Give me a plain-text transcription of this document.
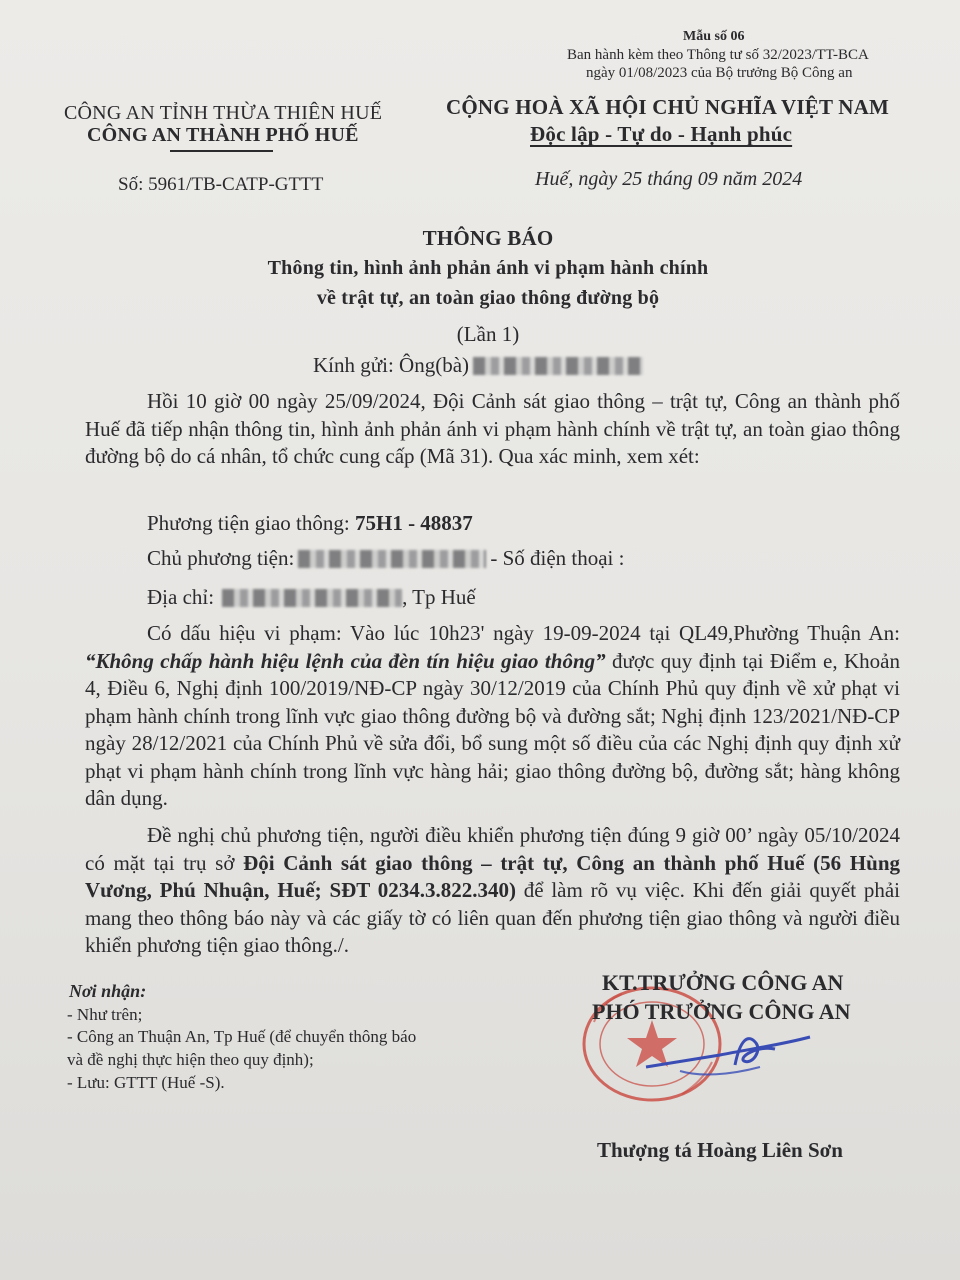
Mẫu số 06
Ban hành kèm theo Thông tư số 32/2023/TT-BCA
ngày 01/08/2023 của Bộ trưởng Bộ Công an
CÔNG AN TỈNH THỪA THIÊN HUẾ
CÔNG AN THÀNH PHỐ HUẾ
Số: 5961/TB-CATP-GTTT
CỘNG HOÀ XÃ HỘI CHỦ NGHĨA VIỆT NAM
Độc lập - Tự do - Hạnh phúc
Huế, ngày 25 tháng 09 năm 2024
THÔNG BÁO
Thông tin, hình ảnh phản ánh vi phạm hành chính
về trật tự, an toàn giao thông đường bộ
(Lần 1)
Kính gửi: Ông(bà)
Hồi 10 giờ 00 ngày 25/09/2024, Đội Cảnh sát giao thông – trật tự, Công an thành phố Huế đã tiếp nhận thông tin, hình ảnh phản ánh vi phạm hành chính về trật tự, an toàn giao thông đường bộ do cá nhân, tổ chức cung cấp (Mã 31). Qua xác minh, xem xét:
Phương tiện giao thông: 75H1 - 48837
Chủ phương tiện:	- Số điện thoại :
Địa chỉ:	, Tp Huế
Có dấu hiệu vi phạm: Vào lúc 10h23' ngày 19-09-2024 tại QL49,Phường Thuận An: “Không chấp hành hiệu lệnh của đèn tín hiệu giao thông” được quy định tại Điểm e, Khoản 4, Điều 6, Nghị định 100/2019/NĐ-CP ngày 30/12/2019 của Chính Phủ quy định về xử phạt vi phạm hành chính trong lĩnh vực giao thông đường bộ và đường sắt; Nghị định 123/2021/NĐ-CP ngày 28/12/2021 của Chính Phủ về sửa đổi, bổ sung một số điều của các Nghị định quy định xử phạt vi phạm hành chính trong lĩnh vực hàng hải; giao thông đường bộ, đường sắt; hàng không dân dụng.
Đề nghị chủ phương tiện, người điều khiển phương tiện đúng 9 giờ 00’ ngày 05/10/2024 có mặt tại trụ sở Đội Cảnh sát giao thông – trật tự, Công an thành phố Huế (56 Hùng Vương, Phú Nhuận, Huế; SĐT 0234.3.822.340) để làm rõ vụ việc. Khi đến giải quyết phải mang theo thông báo này và các giấy tờ có liên quan đến phương tiện giao thông và người điều khiển phương tiện giao thông./.
Nơi nhận:
- Như trên;
- Công an Thuận An, Tp Huế (để chuyển thông báo
và đề nghị thực hiện theo quy định);
- Lưu: GTTT (Huế -S).
KT.TRƯỞNG CÔNG AN
PHÓ TRƯỞNG CÔNG AN
Thượng tá Hoàng Liên Sơn
